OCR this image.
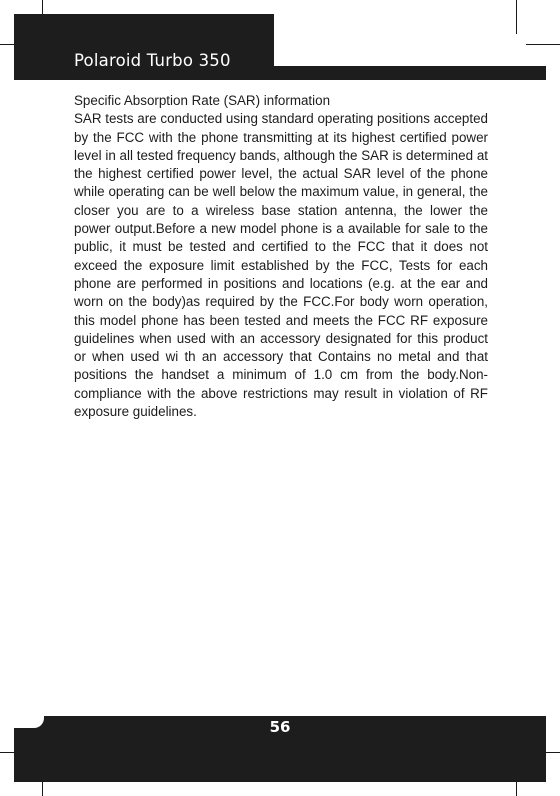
Polaroid Turbo 350
Specific Absorption Rate (SAR) information

SAR tests are conducted using standard operating positions accepted by the FCC with the phone transmitting at its highest certified power level in all tested frequency bands, although the SAR is determined at the highest certified power level, the actual SAR level of the phone while operating can be well below the maximum value, in general, the closer you are to a wireless base station antenna, the lower the power output.Before a new model phone is a available for sale to the public, it must be tested and certified to the FCC that it does not exceed the exposure limit established by the FCC, Tests for each phone are performed in positions and locations (e.g. at the ear and worn on the body)as required by the FCC.For body worn operation, this model phone has been tested and meets the FCC RF exposure guidelines when used with an accessory designated for this product or when used wi th an accessory that Contains no metal and that positions the handset a minimum of 1.0 cm from the body.Non-compliance with the above restrictions may result in violation of RF exposure guidelines.

56
